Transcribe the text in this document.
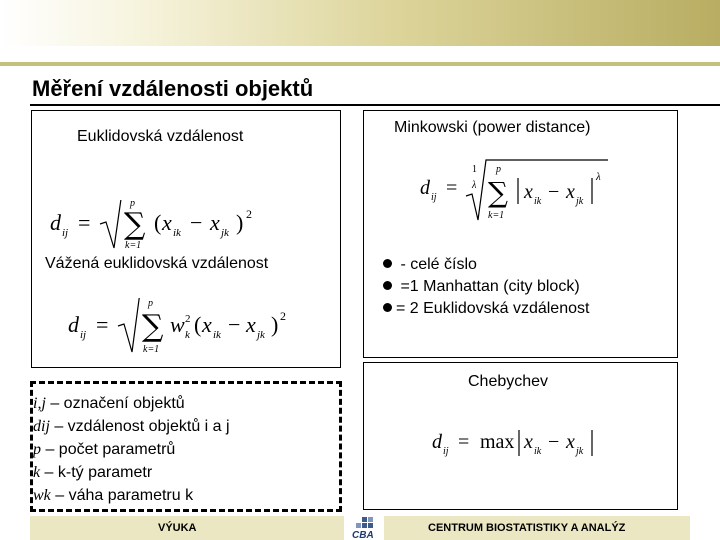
Měření vzdálenosti objektů
Euklidovská vzdálenost
d ij =
p
∑
k=1
( x ik − x jk ) 2
Vážená euklidovská vzdálenost
d ij =
p
∑
k=1
w 2
k ( x ik − x jk ) 2
Minkowski (power distance)
d ij =
1
λ
p
∑
k=1
x ik − x jk
λ
- celé číslo
=1 Manhattan (city block)
= 2 Euklidovská vzdálenost
Chebychev
d ij = max x ik − x jk
i,j – označení objektů
dij – vzdálenost objektů i a j
p – počet parametrů
k – k-tý parametr
wk – váha parametru k
VÝUKA
CBA
CENTRUM BIOSTATISTIKY A ANALÝZ
